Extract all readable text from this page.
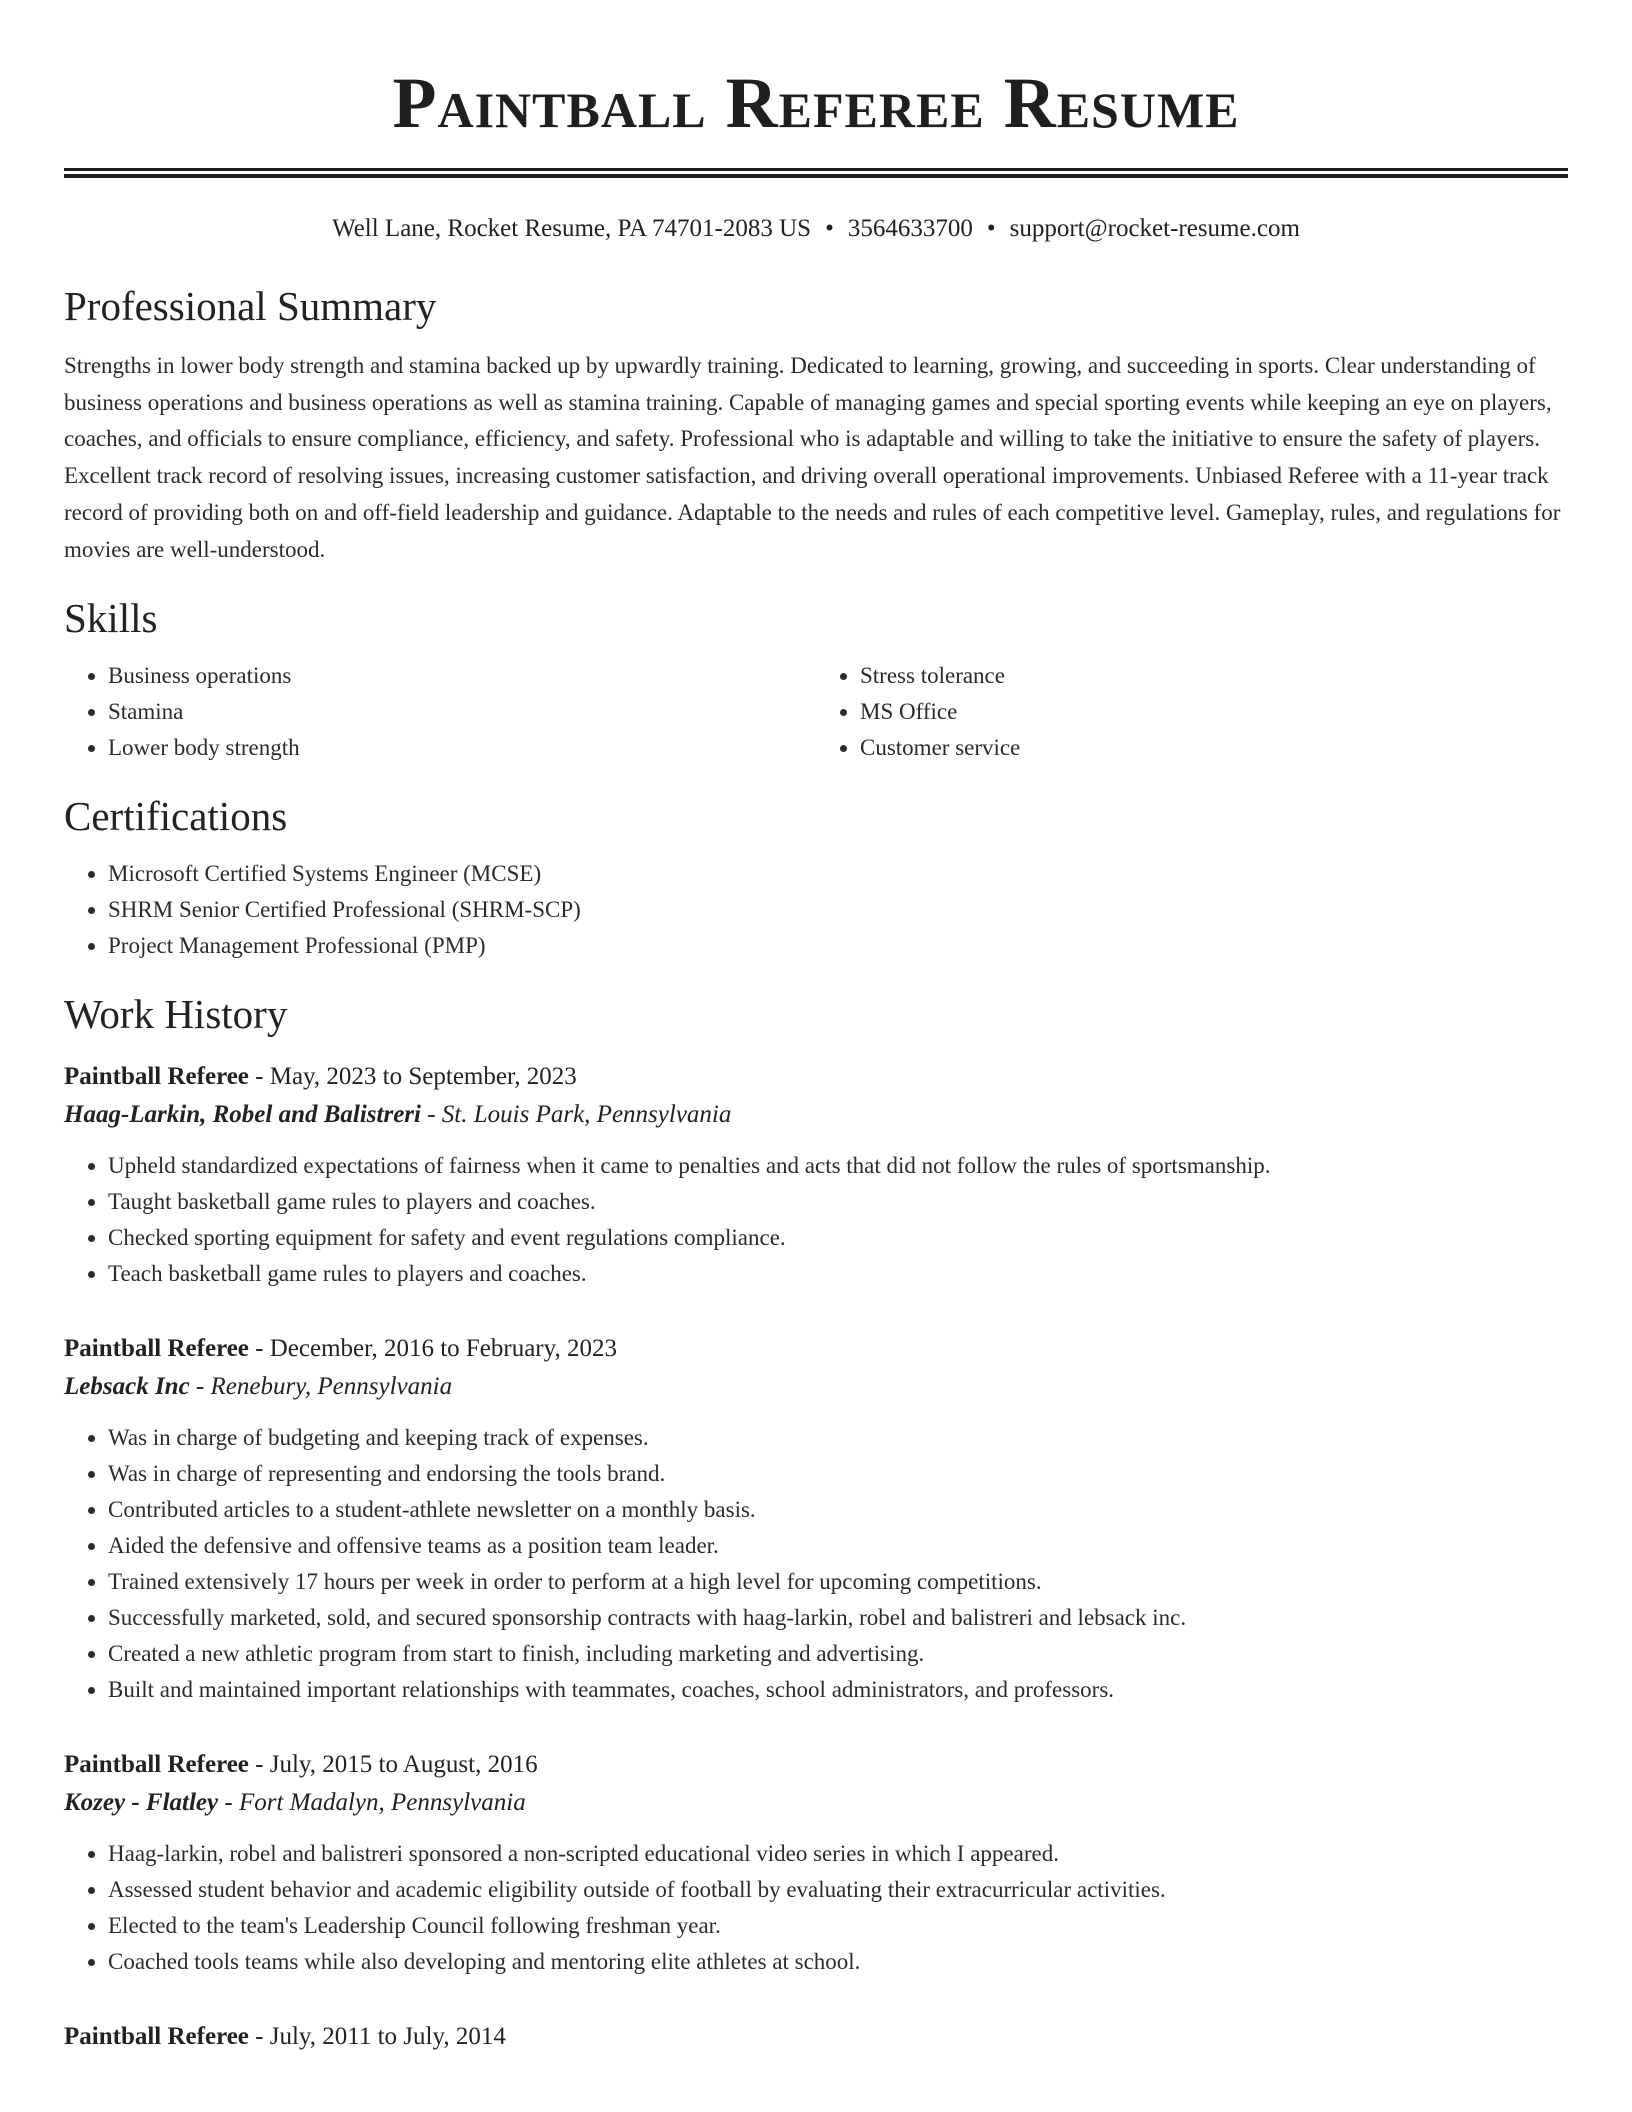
Paintball Referee Resume
Well Lane, Rocket Resume, PA 74701-2083 US • 3564633700 • support@rocket-resume.com
Professional Summary

Strengths in lower body strength and stamina backed up by upwardly training. Dedicated to learning, growing, and succeeding in sports. Clear understanding of business operations and business operations as well as stamina training. Capable of managing games and special sporting events while keeping an eye on players, coaches, and officials to ensure compliance, efficiency, and safety. Professional who is adaptable and willing to take the initiative to ensure the safety of players. Excellent track record of resolving issues, increasing customer satisfaction, and driving overall operational improvements. Unbiased Referee with a 11-year track record of providing both on and off-field leadership and guidance. Adaptable to the needs and rules of each competitive level. Gameplay, rules, and regulations for movies are well-understood.

Skills
• Business operations
• Stamina
• Lower body strength
• Stress tolerance
• MS Office
• Customer service
Certifications
• Microsoft Certified Systems Engineer (MCSE)
• SHRM Senior Certified Professional (SHRM-SCP)
• Project Management Professional (PMP)
Work History
Paintball Referee - May, 2023 to September, 2023
Haag-Larkin, Robel and Balistreri - St. Louis Park, Pennsylvania
• Upheld standardized expectations of fairness when it came to penalties and acts that did not follow the rules of sportsmanship.
• Taught basketball game rules to players and coaches.
• Checked sporting equipment for safety and event regulations compliance.
• Teach basketball game rules to players and coaches.
Paintball Referee - December, 2016 to February, 2023
Lebsack Inc - Renebury, Pennsylvania
• Was in charge of budgeting and keeping track of expenses.
• Was in charge of representing and endorsing the tools brand.
• Contributed articles to a student-athlete newsletter on a monthly basis.
• Aided the defensive and offensive teams as a position team leader.
• Trained extensively 17 hours per week in order to perform at a high level for upcoming competitions.
• Successfully marketed, sold, and secured sponsorship contracts with haag-larkin, robel and balistreri and lebsack inc.
• Created a new athletic program from start to finish, including marketing and advertising.
• Built and maintained important relationships with teammates, coaches, school administrators, and professors.
Paintball Referee - July, 2015 to August, 2016
Kozey - Flatley - Fort Madalyn, Pennsylvania
• Haag-larkin, robel and balistreri sponsored a non-scripted educational video series in which I appeared.
• Assessed student behavior and academic eligibility outside of football by evaluating their extracurricular activities.
• Elected to the team's Leadership Council following freshman year.
• Coached tools teams while also developing and mentoring elite athletes at school.
Paintball Referee - July, 2011 to July, 2014
